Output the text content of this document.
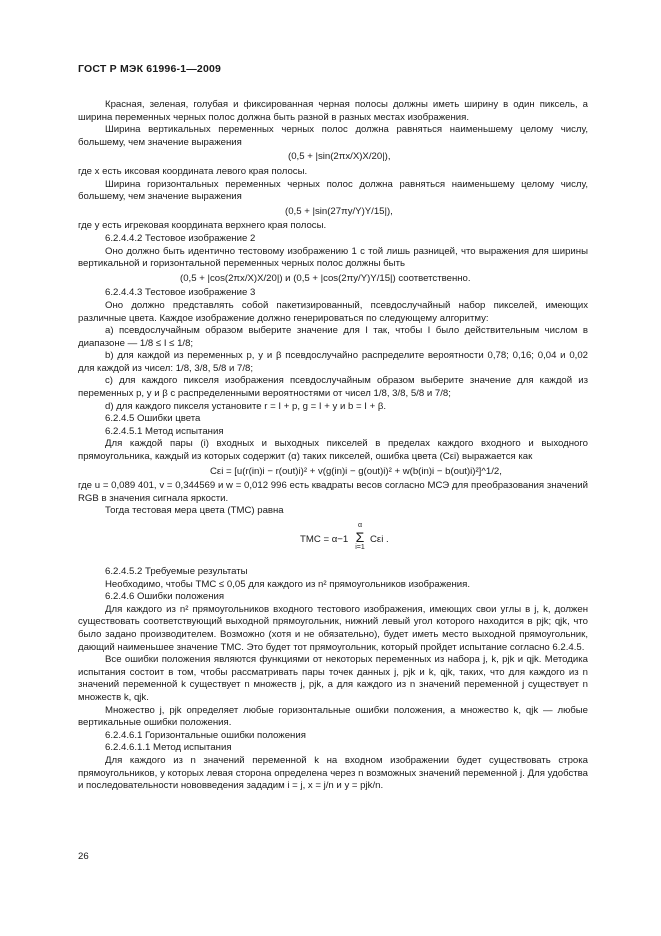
ГОСТ Р МЭК 61996-1—2009

Красная, зеленая, голубая и фиксированная черная полосы должны иметь ширину в один пиксель, а ширина переменных черных полос должна быть разной в разных местах изображения.

Ширина вертикальных переменных черных полос должна равняться наименьшему целому числу, большему, чем значение выражения

(0,5 + |sin(2πx/X)X/20|),

где x есть иксовая координата левого края полосы.

Ширина горизонтальных переменных черных полос должна равняться наименьшему целому числу, большему, чем значение выражения

(0,5 + |sin(27πy/Y)Y/15|),

где y есть игрековая координата верхнего края полосы.

6.2.4.4.2 Тестовое изображение 2

Оно должно быть идентично тестовому изображению 1 с той лишь разницей, что выражения для ширины вертикальной и горизонтальной переменных черных полос должны быть

(0,5 + |cos(2πx/X)X/20|) и (0,5 + |cos(2πy/Y)Y/15|) соответственно.

6.2.4.4.3 Тестовое изображение 3

Оно должно представлять собой пакетизированный, псевдослучайный набор пикселей, имеющих различные цвета. Каждое изображение должно генерироваться по следующему алгоритму:

a) псевдослучайным образом выберите значение для I так, чтобы I было действительным числом в диапазоне — 1/8 ≤ I ≤ 1/8;

b) для каждой из переменных p, y и β псевдослучайно распределите вероятности 0,78; 0,16; 0,04 и 0,02 для каждой из чисел: 1/8, 3/8, 5/8 и 7/8;

c) для каждого пикселя изображения псевдослучайным образом выберите значение для каждой из переменных p, y и β с распределенными вероятностями от чисел 1/8, 3/8, 5/8 и 7/8;

d) для каждого пикселя установите r = I + p, g = I + y и b = I + β.

6.2.4.5 Ошибки цвета

6.2.4.5.1 Метод испытания

Для каждой пары (i) входных и выходных пикселей в пределах каждого входного и выходного прямоугольника, каждый из которых содержит (α) таких пикселей, ошибка цвета (Cεi) выражается как

Cεi = [u(r(in)i − r(out)i)² + v(g(in)i − g(out)i)² + w(b(in)i − b(out)i)²]^1/2,

где u = 0,089 401, v = 0,344569 и w = 0,012 996 есть квадраты весов согласно МСЭ для преобразования значений RGB в значения сигнала яркости.

Тогда тестовая мера цвета (TMC) равна

TMC = α−1
α
Σ
i=1
Cεi .

6.2.4.5.2 Требуемые результаты

Необходимо, чтобы TMC ≤ 0,05 для каждого из n² прямоугольников изображения.

6.2.4.6 Ошибки положения

Для каждого из n² прямоугольников входного тестового изображения, имеющих свои углы в j, k, должен существовать соответствующий выходной прямоугольник, нижний левый угол которого находится в pjk; qjk, что было задано производителем. Возможно (хотя и не обязательно), будет иметь место выходной прямоугольник, дающий наименьшее значение TMC. Это будет тот прямоугольник, который пройдет испытание согласно 6.2.4.5.

Все ошибки положения являются функциями от некоторых переменных из набора j, k, pjk и qjk. Методика испытания состоит в том, чтобы рассматривать пары точек данных j, pjk и k, qjk, таких, что для каждого из n значений переменной k существует n множеств j, pjk, а для каждого из n значений переменной j существует n множеств k, qjk.

Множество j, pjk определяет любые горизонтальные ошибки положения, а множество k, qjk — любые вертикальные ошибки положения.

6.2.4.6.1 Горизонтальные ошибки положения

6.2.4.6.1.1 Метод испытания

Для каждого из n значений переменной k на входном изображении будет существовать строка прямоугольников, у которых левая сторона определена через n возможных значений переменной j. Для удобства и последовательности нововведения зададим i = j, x = j/n и y = pjk/n.

26
